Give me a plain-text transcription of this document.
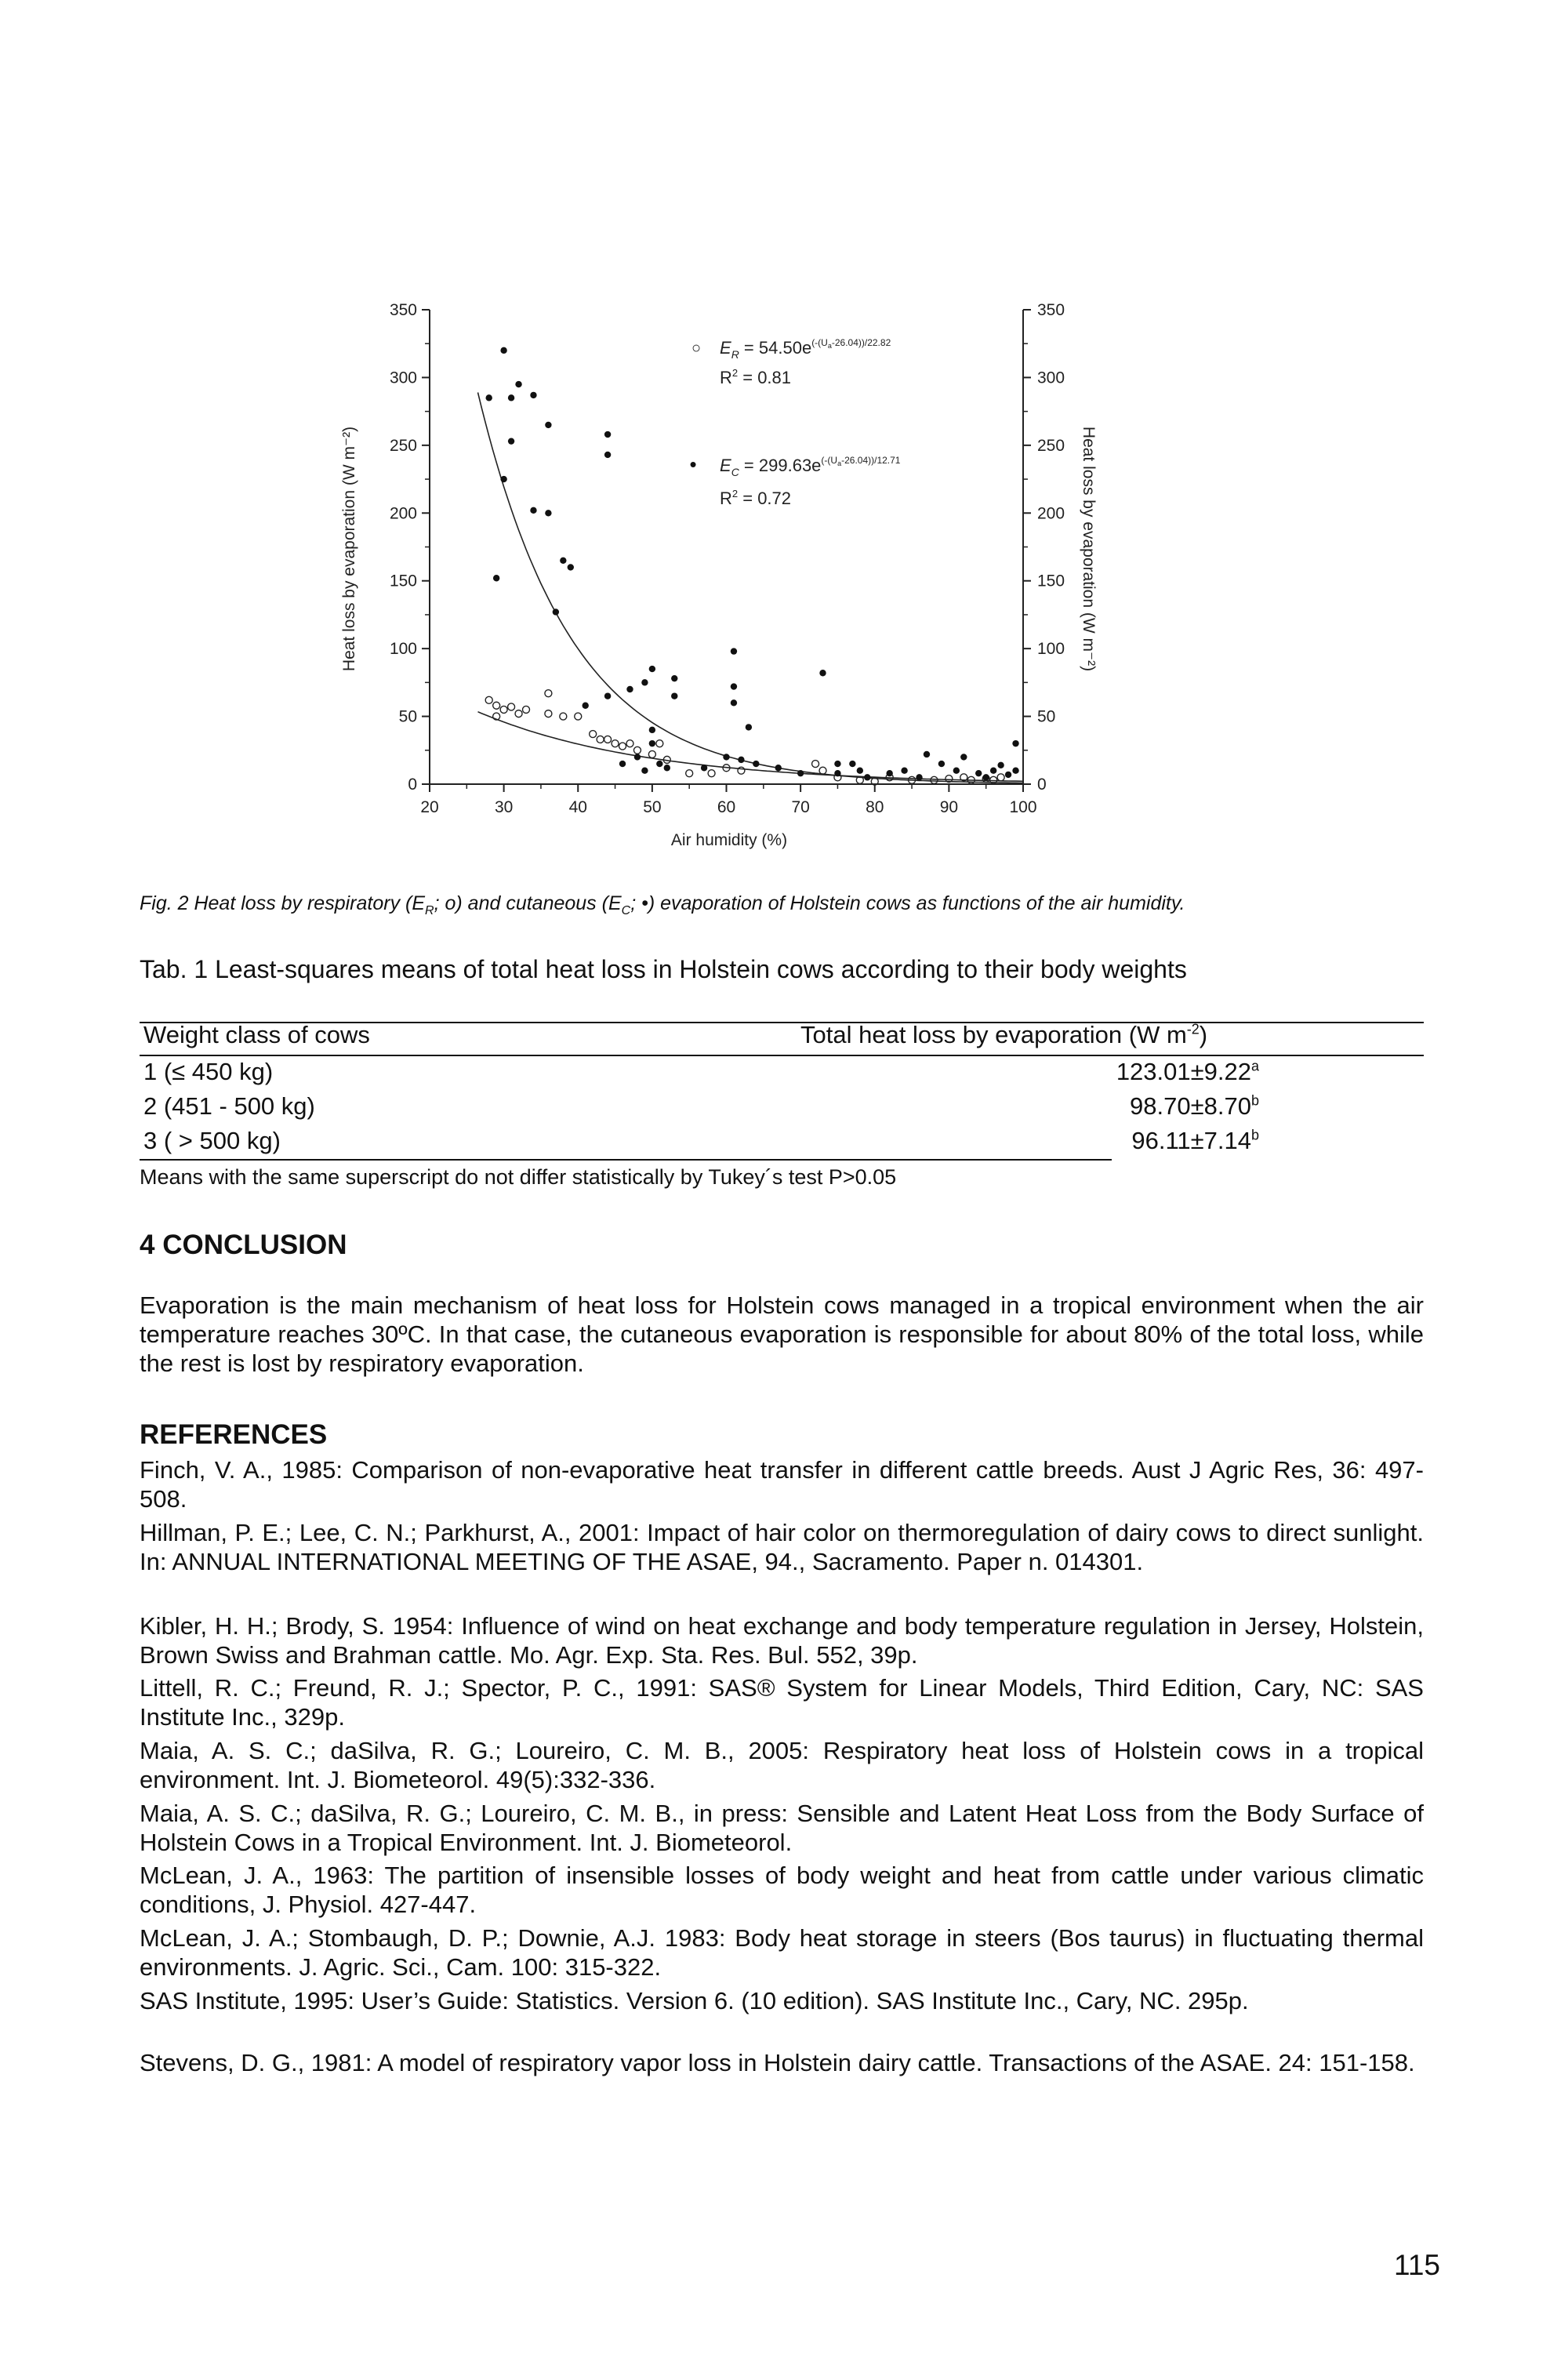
0	0
50	50
100	100
150	150
200	200
250	250
300	300
350	350
20	30	40	50	60	70	80	90	100
Air humidity (%)
Heat loss by evaporation (W m⁻²)	Heat loss by evaporation (W m⁻²)
○ $E_R = 54.50e^{(-(U}a-26.04))/22.82$
$R^2 = 0.81$
• $E_C = 299.63e^{(-(U}a-26.04))/12.71$
$R^2 = 0.72$
Fig. 2 Heat loss by respiratory ($E_R$; o) and cutaneous ($E_C$; •) evaporation of Holstein cows as functions of the air humidity.
Tab. 1 Least-squares means of total heat loss in Holstein cows according to their body weights
Weight class of cows	Total heat loss by evaporation (W $m^{-2}$)
1 (≤ 450 kg)	123.01±9.22$^a$
2 (451 - 500 kg)	98.70±8.70$^b$
3 ( > 500 kg)	96.11±7.14$^b$
Means with the same superscript do not differ statistically by Tukey´s test P>0.05
4 CONCLUSION
Evaporation is the main mechanism of heat loss for Holstein cows managed in a tropical environment when the air temperature reaches 30ºC. In that case, the cutaneous evaporation is responsible for about 80% of the total loss, while the rest is lost by respiratory evaporation.
REFERENCES
Finch, V. A., 1985: Comparison of non-evaporative heat transfer in different cattle breeds. Aust J Agric Res, 36: 497-508.
Hillman, P. E.; Lee, C. N.; Parkhurst, A., 2001: Impact of hair color on thermoregulation of dairy cows to direct sunlight. In: ANNUAL INTERNATIONAL MEETING OF THE ASAE, 94., Sacramento. Paper n. 014301.
Kibler, H. H.; Brody, S. 1954: Influence of wind on heat exchange and body temperature regulation in Jersey, Holstein, Brown Swiss and Brahman cattle. Mo. Agr. Exp. Sta. Res. Bul. 552, 39p.
Littell, R. C.; Freund, R. J.; Spector, P. C., 1991: SAS® System for Linear Models, Third Edition, Cary, NC: SAS Institute Inc., 329p.
Maia, A. S. C.; daSilva, R. G.; Loureiro, C. M. B., 2005: Respiratory heat loss of Holstein cows in a tropical environment. Int. J. Biometeorol. 49(5):332-336.
Maia, A. S. C.; daSilva, R. G.; Loureiro, C. M. B., in press: Sensible and Latent Heat Loss from the Body Surface of Holstein Cows in a Tropical Environment. Int. J. Biometeorol.
McLean, J. A., 1963: The partition of insensible losses of body weight and heat from cattle under various climatic conditions, J. Physiol. 427-447.
McLean, J. A.; Stombaugh, D. P.; Downie, A.J. 1983: Body heat storage in steers (Bos taurus) in fluctuating thermal environments. J. Agric. Sci., Cam. 100: 315-322.
SAS Institute, 1995: User’s Guide: Statistics. Version 6. (10 edition). SAS Institute Inc., Cary, NC. 295p.
Stevens, D. G., 1981: A model of respiratory vapor loss in Holstein dairy cattle. Transactions of the ASAE. 24: 151-158.
115
